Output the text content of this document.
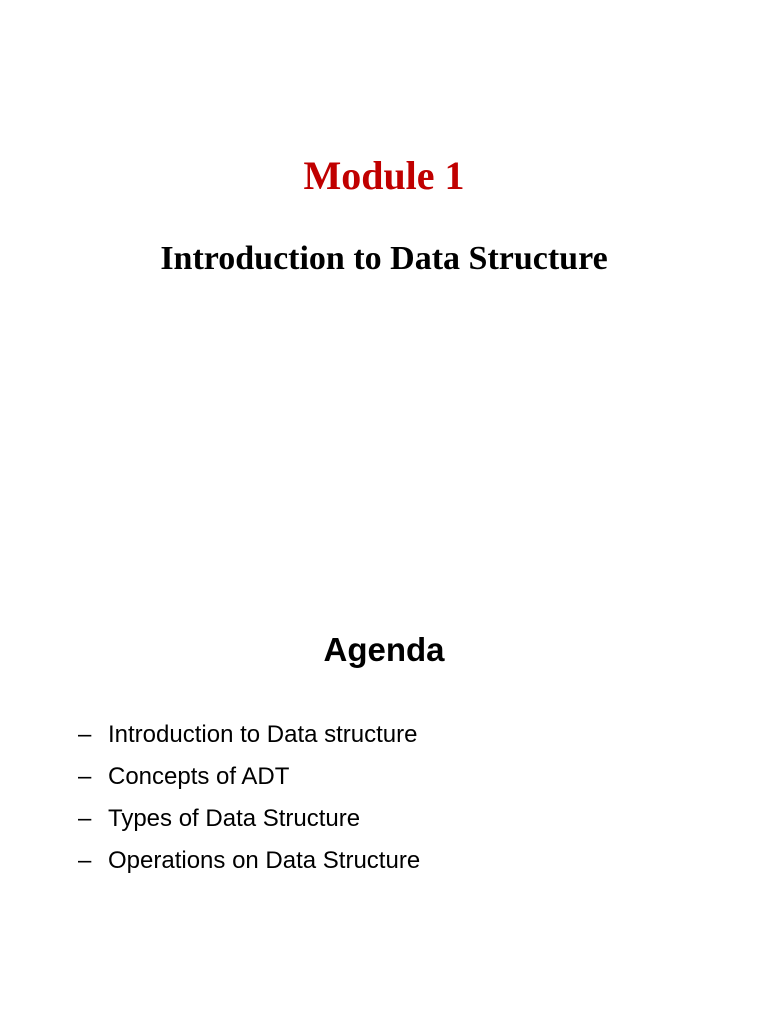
Module 1
Introduction to Data Structure
Agenda
– Introduction to Data structure
– Concepts of ADT
– Types of Data Structure
– Operations on Data Structure
